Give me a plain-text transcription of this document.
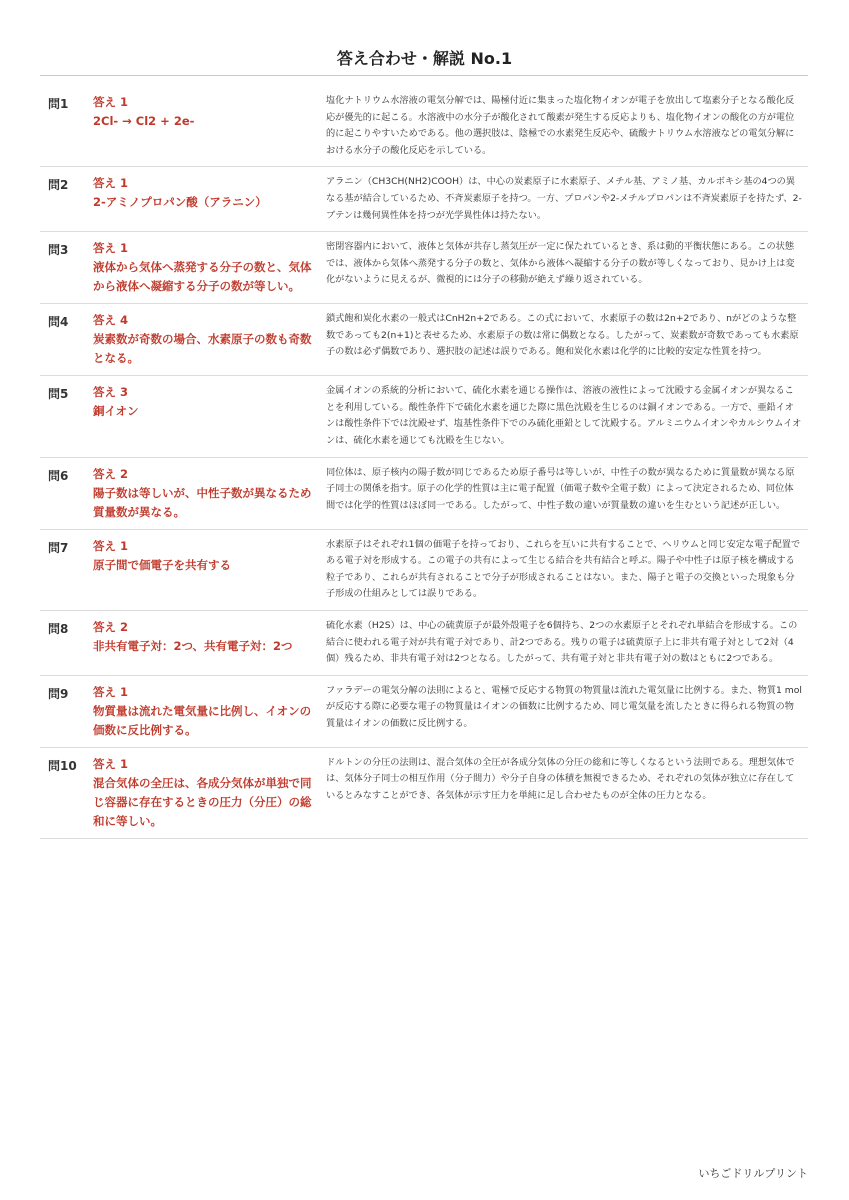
答え合わせ・解説 No.1
問1	答え 1
2Cl- → Cl2 + 2e-
塩化ナトリウム水溶液の電気分解では、陽極付近に集まった塩化物イオンが電子を放出して塩素分子となる酸化反応が優先的に起こる。水溶液中の水分子が酸化されて酸素が発生する反応よりも、塩化物イオンの酸化の方が電位的に起こりやすいためである。他の選択肢は、陰極での水素発生反応や、硫酸ナトリウム水溶液などの電気分解における水分子の酸化反応を示している。
問2	答え 1
2-アミノプロパン酸（アラニン）
アラニン（CH3CH(NH2)COOH）は、中心の炭素原子に水素原子、メチル基、アミノ基、カルボキシ基の4つの異なる基が結合しているため、不斉炭素原子を持つ。一方、プロパンや2-メチルプロパンは不斉炭素原子を持たず、2-ブテンは幾何異性体を持つが光学異性体は持たない。
問3	答え 1
液体から気体へ蒸発する分子の数と、気体から液体へ凝縮する分子の数が等しい。
密閉容器内において、液体と気体が共存し蒸気圧が一定に保たれているとき、系は動的平衡状態にある。この状態では、液体から気体へ蒸発する分子の数と、気体から液体へ凝縮する分子の数が等しくなっており、見かけ上は変化がないように見えるが、微視的には分子の移動が絶えず繰り返されている。
問4	答え 4
炭素数が奇数の場合、水素原子の数も奇数となる。
鎖式飽和炭化水素の一般式はCnH2n+2である。この式において、水素原子の数は2n+2であり、nがどのような整数であっても2(n+1)と表せるため、水素原子の数は常に偶数となる。したがって、炭素数が奇数であっても水素原子の数は必ず偶数であり、選択肢の記述は誤りである。飽和炭化水素は化学的に比較的安定な性質を持つ。
問5	答え 3
銅イオン
金属イオンの系統的分析において、硫化水素を通じる操作は、溶液の液性によって沈殿する金属イオンが異なることを利用している。酸性条件下で硫化水素を通じた際に黒色沈殿を生じるのは銅イオンである。一方で、亜鉛イオンは酸性条件下では沈殿せず、塩基性条件下でのみ硫化亜鉛として沈殿する。アルミニウムイオンやカルシウムイオンは、硫化水素を通じても沈殿を生じない。
問6	答え 2
陽子数は等しいが、中性子数が異なるため質量数が異なる。
同位体は、原子核内の陽子数が同じであるため原子番号は等しいが、中性子の数が異なるために質量数が異なる原子同士の関係を指す。原子の化学的性質は主に電子配置（価電子数や全電子数）によって決定されるため、同位体間では化学的性質はほぼ同一である。したがって、中性子数の違いが質量数の違いを生むという記述が正しい。
問7	答え 1
原子間で価電子を共有する
水素原子はそれぞれ1個の価電子を持っており、これらを互いに共有することで、ヘリウムと同じ安定な電子配置である電子対を形成する。この電子の共有によって生じる結合を共有結合と呼ぶ。陽子や中性子は原子核を構成する粒子であり、これらが共有されることで分子が形成されることはない。また、陽子と電子の交換といった現象も分子形成の仕組みとしては誤りである。
問8	答え 2
非共有電子対：2つ、共有電子対：2つ
硫化水素（H2S）は、中心の硫黄原子が最外殻電子を6個持ち、2つの水素原子とそれぞれ単結合を形成する。この結合に使われる電子対が共有電子対であり、計2つである。残りの電子は硫黄原子上に非共有電子対として2対（4個）残るため、非共有電子対は2つとなる。したがって、共有電子対と非共有電子対の数はともに2つである。
問9	答え 1
物質量は流れた電気量に比例し、イオンの価数に反比例する。
ファラデーの電気分解の法則によると、電極で反応する物質の物質量は流れた電気量に比例する。また、物質1 molが反応する際に必要な電子の物質量はイオンの価数に比例するため、同じ電気量を流したときに得られる物質の物質量はイオンの価数に反比例する。
問10	答え 1
混合気体の全圧は、各成分気体が単独で同じ容器に存在するときの圧力（分圧）の総和に等しい。
ドルトンの分圧の法則は、混合気体の全圧が各成分気体の分圧の総和に等しくなるという法則である。理想気体では、気体分子同士の相互作用（分子間力）や分子自身の体積を無視できるため、それぞれの気体が独立に存在しているとみなすことができ、各気体が示す圧力を単純に足し合わせたものが全体の圧力となる。
いちごドリルプリント
